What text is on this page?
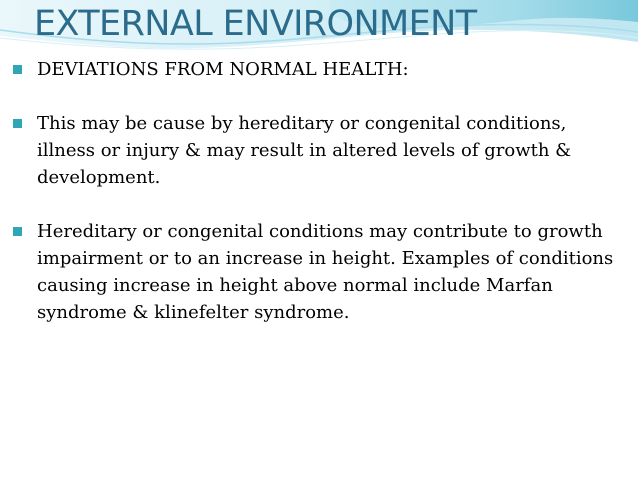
EXTERNAL ENVIRONMENT
DEVIATIONS FROM NORMAL HEALTH:
This may be cause by hereditary or congenital conditions, illness or injury & may result in altered levels of growth & development.
Hereditary or congenital conditions may contribute to growth impairment or to an increase in height. Examples of conditions causing increase in height above normal include Marfan syndrome & klinefelter syndrome.
